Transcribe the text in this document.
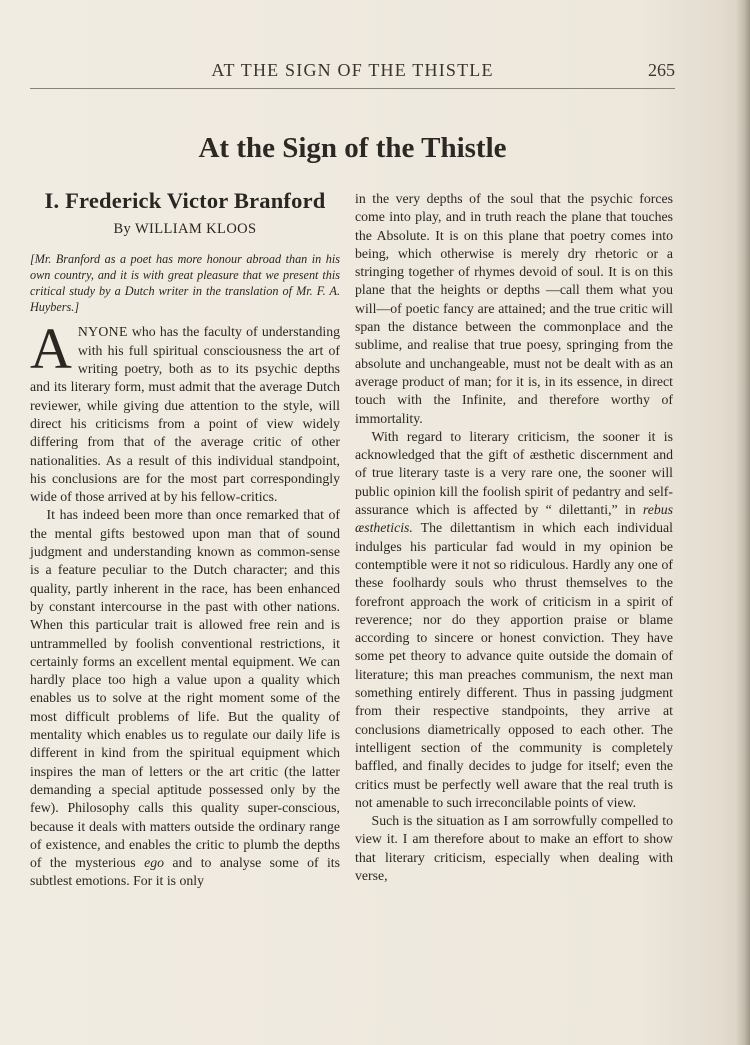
AT THE SIGN OF THE THISTLE	265
At the Sign of the Thistle
I. Frederick Victor Branford
By WILLIAM KLOOS

[Mr. Branford as a poet has more honour abroad than in his own country, and it is with great pleasure that we present this critical study by a Dutch writer in the translation of Mr. F. A. Huybers.]

ANYONE who has the faculty of understanding with his full spiritual consciousness the art of writing poetry, both as to its psychic depths and its literary form, must admit that the average Dutch reviewer, while giving due attention to the style, will direct his criticisms from a point of view widely differing from that of the average critic of other nationalities. As a result of this individual standpoint, his conclusions are for the most part correspondingly wide of those arrived at by his fellow-critics.

It has indeed been more than once remarked that of the mental gifts bestowed upon man that of sound judgment and understanding known as common-sense is a feature peculiar to the Dutch character; and this quality, partly inherent in the race, has been enhanced by constant intercourse in the past with other nations. When this particular trait is allowed free rein and is untrammelled by foolish conventional restrictions, it certainly forms an excellent mental equipment. We can hardly place too high a value upon a quality which enables us to solve at the right moment some of the most difficult problems of life. But the quality of mentality which enables us to regulate our daily life is different in kind from the spiritual equipment which inspires the man of letters or the art critic (the latter demanding a special aptitude possessed only by the few). Philosophy calls this quality super-conscious, because it deals with matters outside the ordinary range of existence, and enables the critic to plumb the depths of the mysterious ego and to analyse some of its subtlest emotions. For it is only

in the very depths of the soul that the psychic forces come into play, and in truth reach the plane that touches the Absolute. It is on this plane that poetry comes into being, which otherwise is merely dry rhetoric or a stringing together of rhymes devoid of soul. It is on this plane that the heights or depths —call them what you will—of poetic fancy are attained; and the true critic will span the distance between the commonplace and the sublime, and realise that true poesy, springing from the absolute and unchangeable, must not be dealt with as an average product of man; for it is, in its essence, in direct touch with the Infinite, and therefore worthy of immortality.

With regard to literary criticism, the sooner it is acknowledged that the gift of æsthetic discernment and of true literary taste is a very rare one, the sooner will public opinion kill the foolish spirit of pedantry and self-assurance which is affected by “ dilettanti,” in rebus æstheticis. The dilettantism in which each individual indulges his particular fad would in my opinion be contemptible were it not so ridiculous. Hardly any one of these foolhardy souls who thrust themselves to the forefront approach the work of criticism in a spirit of reverence; nor do they apportion praise or blame according to sincere or honest conviction. They have some pet theory to advance quite outside the domain of literature; this man preaches communism, the next man something entirely different. Thus in passing judgment from their respective standpoints, they arrive at conclusions diametrically opposed to each other. The intelligent section of the community is completely baffled, and finally decides to judge for itself; even the critics must be perfectly well aware that the real truth is not amenable to such irreconcilable points of view.

Such is the situation as I am sorrowfully compelled to view it. I am therefore about to make an effort to show that literary criticism, especially when dealing with verse,
